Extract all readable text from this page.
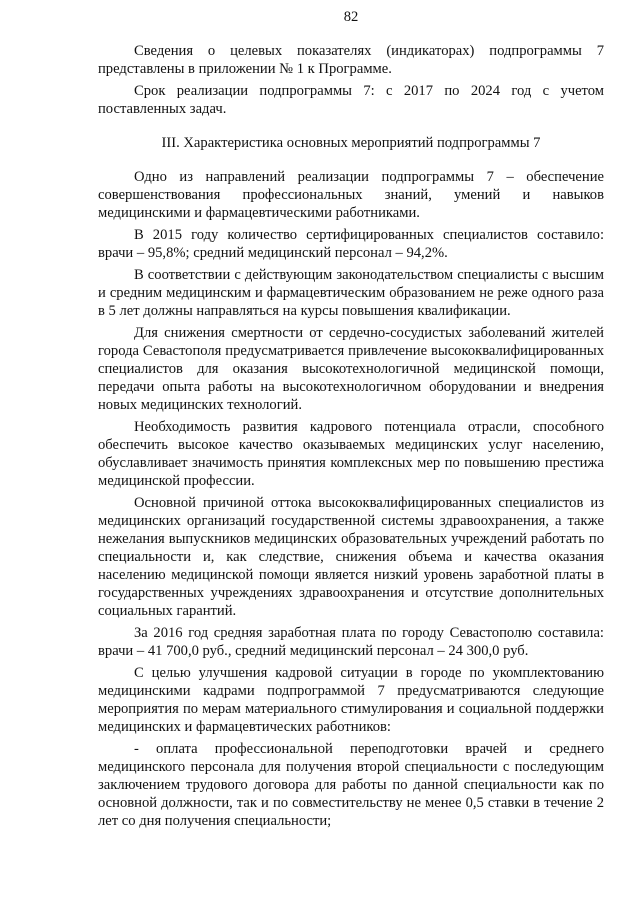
82

Сведения о целевых показателях (индикаторах) подпрограммы 7 представлены в приложении № 1 к Программе.

Срок реализации подпрограммы 7: с 2017 по 2024 год с учетом поставленных задач.

III. Характеристика основных мероприятий подпрограммы 7

Одно из направлений реализации подпрограммы 7 – обеспечение совершенствования профессиональных знаний, умений и навыков медицинскими и фармацевтическими работниками.

В 2015 году количество сертифицированных специалистов составило: врачи – 95,8%; средний медицинский персонал – 94,2%.

В соответствии с действующим законодательством специалисты с высшим и средним медицинским и фармацевтическим образованием не реже одного раза в 5 лет должны направляться на курсы повышения квалификации.

Для снижения смертности от сердечно-сосудистых заболеваний жителей города Севастополя предусматривается привлечение высококвалифицированных специалистов для оказания высокотехнологичной медицинской помощи, передачи опыта работы на высокотехнологичном оборудовании и внедрения новых медицинских технологий.

Необходимость развития кадрового потенциала отрасли, способного обеспечить высокое качество оказываемых медицинских услуг населению, обуславливает значимость принятия комплексных мер по повышению престижа медицинской профессии.

Основной причиной оттока высококвалифицированных специалистов из медицинских организаций государственной системы здравоохранения, а также нежелания выпускников медицинских образовательных учреждений работать по специальности и, как следствие, снижения объема и качества оказания населению медицинской помощи является низкий уровень заработной платы в государственных учреждениях здравоохранения и отсутствие дополнительных социальных гарантий.

За 2016 год средняя заработная плата по городу Севастополю составила: врачи – 41 700,0 руб., средний медицинский персонал – 24 300,0 руб.

С целью улучшения кадровой ситуации в городе по укомплектованию медицинскими кадрами подпрограммой 7 предусматриваются следующие мероприятия по мерам материального стимулирования и социальной поддержки медицинских и фармацевтических работников:

- оплата профессиональной переподготовки врачей и среднего медицинского персонала для получения второй специальности с последующим заключением трудового договора для работы по данной специальности как по основной должности, так и по совместительству не менее 0,5 ставки в течение 2 лет со дня получения специальности;
